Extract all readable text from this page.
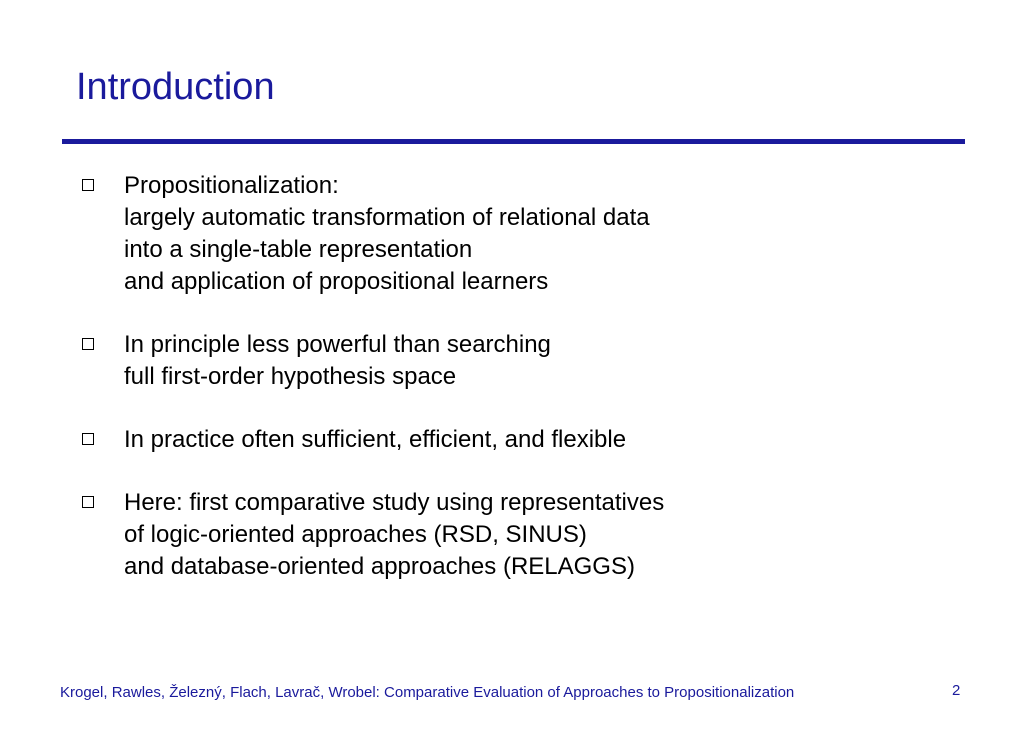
Introduction
Propositionalization:
largely automatic transformation of relational data
into a single-table representation
and application of propositional learners
In principle less powerful than searching
full first-order hypothesis space
In practice often sufficient, efficient, and flexible
Here: first comparative study using representatives
of logic-oriented approaches (RSD, SINUS)
and database-oriented approaches (RELAGGS)
Krogel, Rawles, Železný, Flach, Lavrač, Wrobel: Comparative Evaluation of Approaches to Propositionalization	2
